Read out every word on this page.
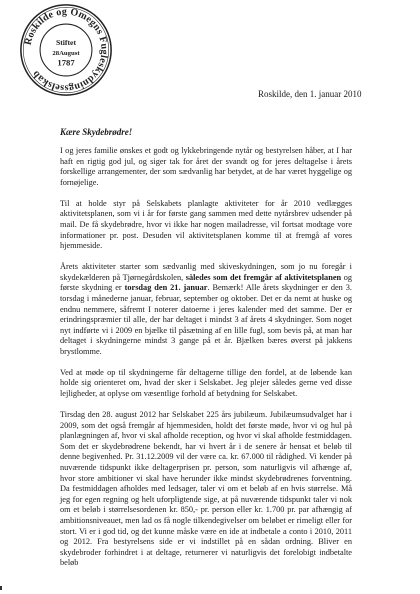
Roskilde og Omegns Fugleskydningsselskab
Stiftet
28August
1787
Roskilde, den 1. januar 2010
Kære Skydebrødre!

I og jeres familie ønskes et godt og lykkebringende nytår og bestyrelsen håber, at I har haft en rigtig god jul, og siger tak for året der svandt og for jeres deltagelse i årets forskellige arrangementer, der som sædvanlig har betydet, at de har været hyggelige og fornøjelige.

Til at holde styr på Selskabets planlagte aktiviteter for år 2010 vedlægges aktivitetsplanen, som vi i år for første gang sammen med dette nytårsbrev udsender på mail. De få skydebrødre, hvor vi ikke har nogen mailadresse, vil fortsat modtage vore informationer pr. post. Desuden vil aktivitetsplanen komme til at fremgå af vores hjemmeside.

Årets aktiviteter starter som sædvanlig med skiveskydningen, som jo nu foregår i skydekælderen på Tjørnegårdskolen, således som det fremgår af aktivitetsplanen og første skydning er torsdag den 21. januar. Bemærk! Alle årets skydninger er den 3. torsdag i månederne januar, februar, september og oktober. Det er da nemt at huske og endnu nemmere, såfremt I noterer datoerne i jeres kalender med det samme. Der er erindringspræmier til alle, der har deltaget i mindst 3 af årets 4 skydninger. Som noget nyt indførte vi i 2009 en bjælke til påsætning af en lille fugl, som bevis på, at man har deltaget i skydningerne mindst 3 gange på et år. Bjælken bæres øverst på jakkens brystlomme.

Ved at møde op til skydningerne får deltagerne tillige den fordel, at de løbende kan holde sig orienteret om, hvad der sker i Selskabet. Jeg plejer således gerne ved disse lejligheder, at oplyse om væsentlige forhold af betydning for Selskabet.

Tirsdag den 28. august 2012 har Selskabet 225 års jubilæum. Jubilæumsudvalget har i 2009, som det også fremgår af hjemmesiden, holdt det første møde, hvor vi og hul på planlægningen af, hvor vi skal afholde reception, og hvor vi skal afholde festmiddagen. Som det er skydebrødrene bekendt, har vi hvert år i de senere år hensat et beløb til denne begivenhed. Pr. 31.12.2009 vil der være ca. kr. 67.000 til rådighed. Vi kender på nuværende tidspunkt ikke deltagerprisen pr. person, som naturligvis vil afhænge af, hvor store ambitioner vi skal have herunder ikke mindst skydebrødrenes forventning. Da festmiddagen afholdes med ledsager, taler vi om et beløb af en hvis størrelse. Må jeg for egen regning og helt uforpligtende sige, at på nuværende tidspunkt taler vi nok om et beløb i størrelsesordenen kr. 850,- pr. person eller kr. 1.700 pr. par afhængig af ambitionsniveauet, men lad os få nogle tilkendegivelser om beløbet er rimeligt eller for stort. Vi er i god tid, og det kunne måske være en ide at indbetale a conto i 2010, 2011 og 2012. Fra bestyrelsens side er vi indstillet på en sådan ordning. Bliver en skydebroder forhindret i at deltage, returnerer vi naturligvis det forelobigt indbetalte beløb
